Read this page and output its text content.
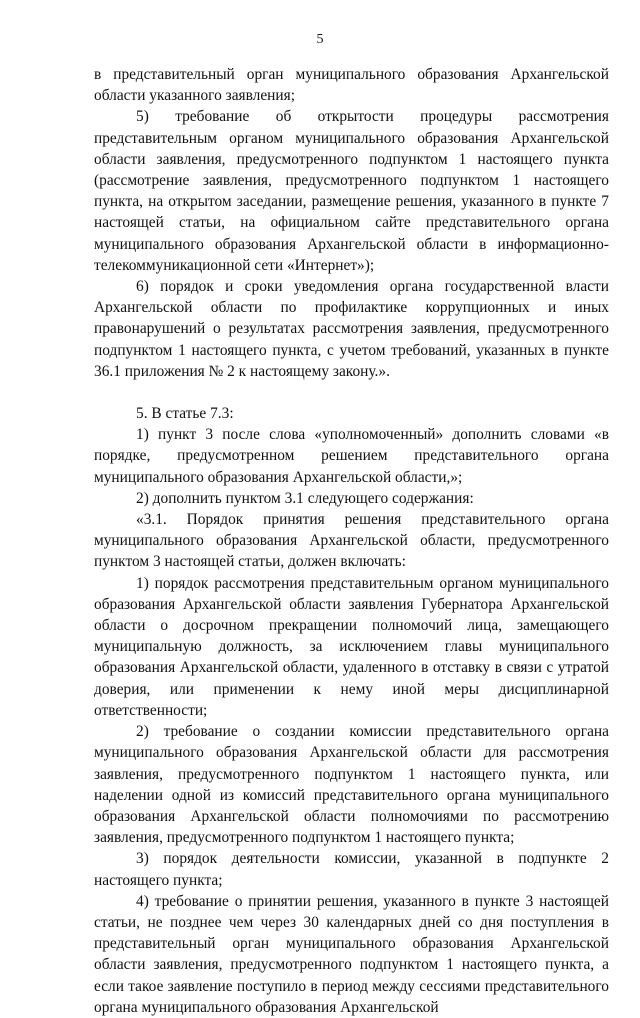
5

в представительный орган муниципального образования Архангельской области указанного заявления;

5) требование об открытости процедуры рассмотрения представительным органом муниципального образования Архангельской области заявления, предусмотренного подпунктом 1 настоящего пункта (рассмотрение заявления, предусмотренного подпунктом 1 настоящего пункта, на открытом заседании, размещение решения, указанного в пункте 7 настоящей статьи, на официальном сайте представительного органа муниципального образования Архангельской области в информационно-телекоммуникационной сети «Интернет»);

6) порядок и сроки уведомления органа государственной власти Архангельской области по профилактике коррупционных и иных правонарушений о результатах рассмотрения заявления, предусмотренного подпунктом 1 настоящего пункта, с учетом требований, указанных в пункте 36.1 приложения № 2 к настоящему закону.».

5. В статье 7.3:

1) пункт 3 после слова «уполномоченный» дополнить словами «в порядке, предусмотренном решением представительного органа муниципального образования Архангельской области,»;

2) дополнить пунктом 3.1 следующего содержания:

«3.1. Порядок принятия решения представительного органа муниципального образования Архангельской области, предусмотренного пунктом 3 настоящей статьи, должен включать:

1) порядок рассмотрения представительным органом муниципального образования Архангельской области заявления Губернатора Архангельской области о досрочном прекращении полномочий лица, замещающего муниципальную должность, за исключением главы муниципального образования Архангельской области, удаленного в отставку в связи с утратой доверия, или применении к нему иной меры дисциплинарной ответственности;

2) требование о создании комиссии представительного органа муниципального образования Архангельской области для рассмотрения заявления, предусмотренного подпунктом 1 настоящего пункта, или наделении одной из комиссий представительного органа муниципального образования Архангельской области полномочиями по рассмотрению заявления, предусмотренного подпунктом 1 настоящего пункта;

3) порядок деятельности комиссии, указанной в подпункте 2 настоящего пункта;

4) требование о принятии решения, указанного в пункте 3 настоящей статьи, не позднее чем через 30 календарных дней со дня поступления в представительный орган муниципального образования Архангельской области заявления, предусмотренного подпунктом 1 настоящего пункта, а если такое заявление поступило в период между сессиями представительного органа муниципального образования Архангельской
